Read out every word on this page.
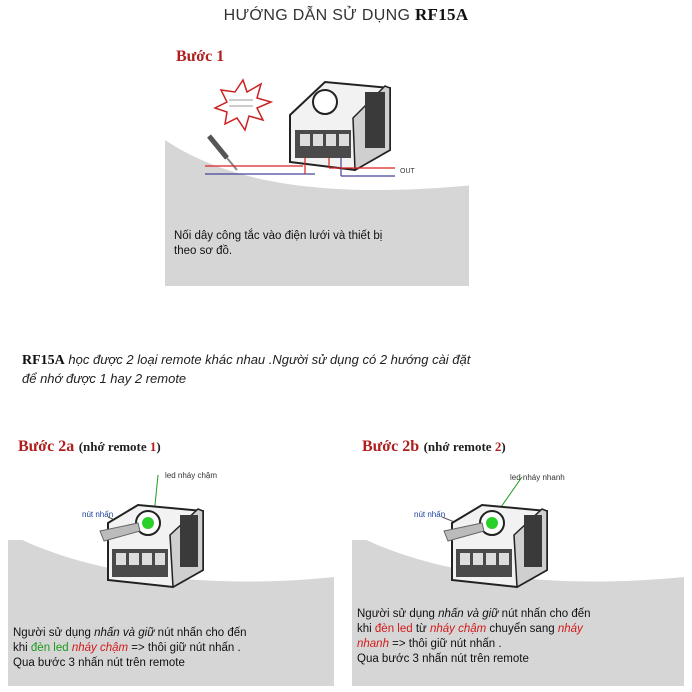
HƯỚNG DẪN SỬ DỤNG RF15A
Bước 1
OUT
Nối dây công tắc vào điện lưới và thiết bị
theo sơ đồ.
RF15A học được 2 loại remote khác nhau .Người sử dụng có 2 hướng cài đặt
để nhớ được 1 hay 2 remote
Bước 2a (nhớ remote 1)
led nháy chậm
nút nhấn
Người sử dụng nhấn và giữ nút nhấn cho đến
khi đèn led nháy chậm => thôi giữ nút nhấn .
Qua bước 3 nhấn nút trên remote
Bước 2b (nhớ remote 2)
led nháy nhanh
nút nhấn
Người sử dụng nhấn và giữ nút nhấn cho đến
khi đèn led từ nháy chậm chuyển sang nháy
nhanh => thôi giữ nút nhấn .
Qua bước 3 nhấn nút trên remote
